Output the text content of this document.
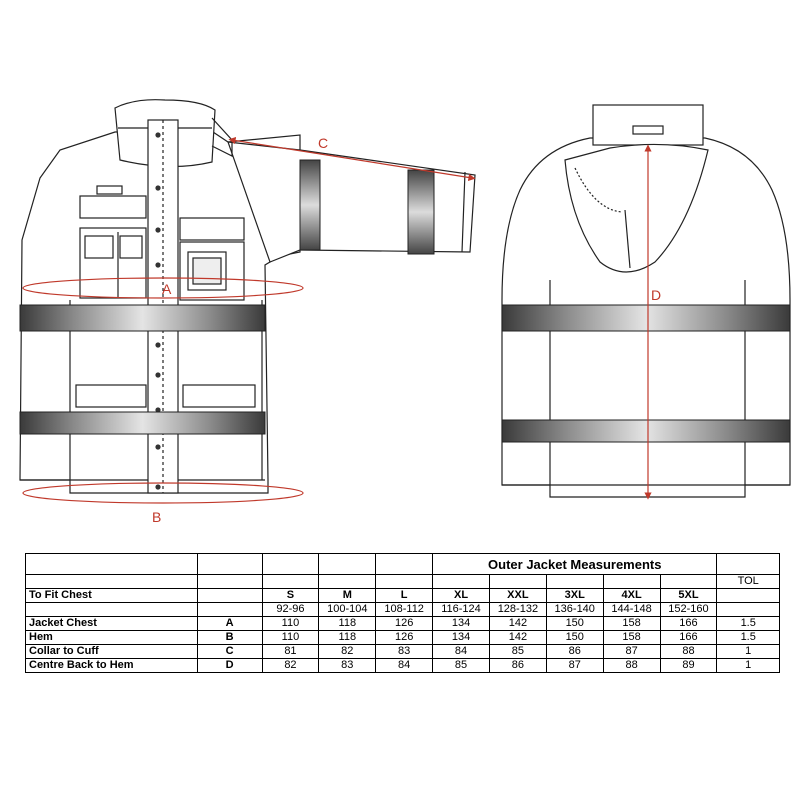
A
B
C
D
					Outer Jacket Measurements					
										TOL
To Fit Chest		S	M	L	XL	XXL	3XL	4XL	5XL	
		92-96	100-104	108-112	116-124	128-132	136-140	144-148	152-160	
Jacket Chest	A	110	118	126	134	142	150	158	166	1.5
Hem	B	110	118	126	134	142	150	158	166	1.5
Collar to Cuff	C	81	82	83	84	85	86	87	88	1
Centre Back to Hem	D	82	83	84	85	86	87	88	89	1
